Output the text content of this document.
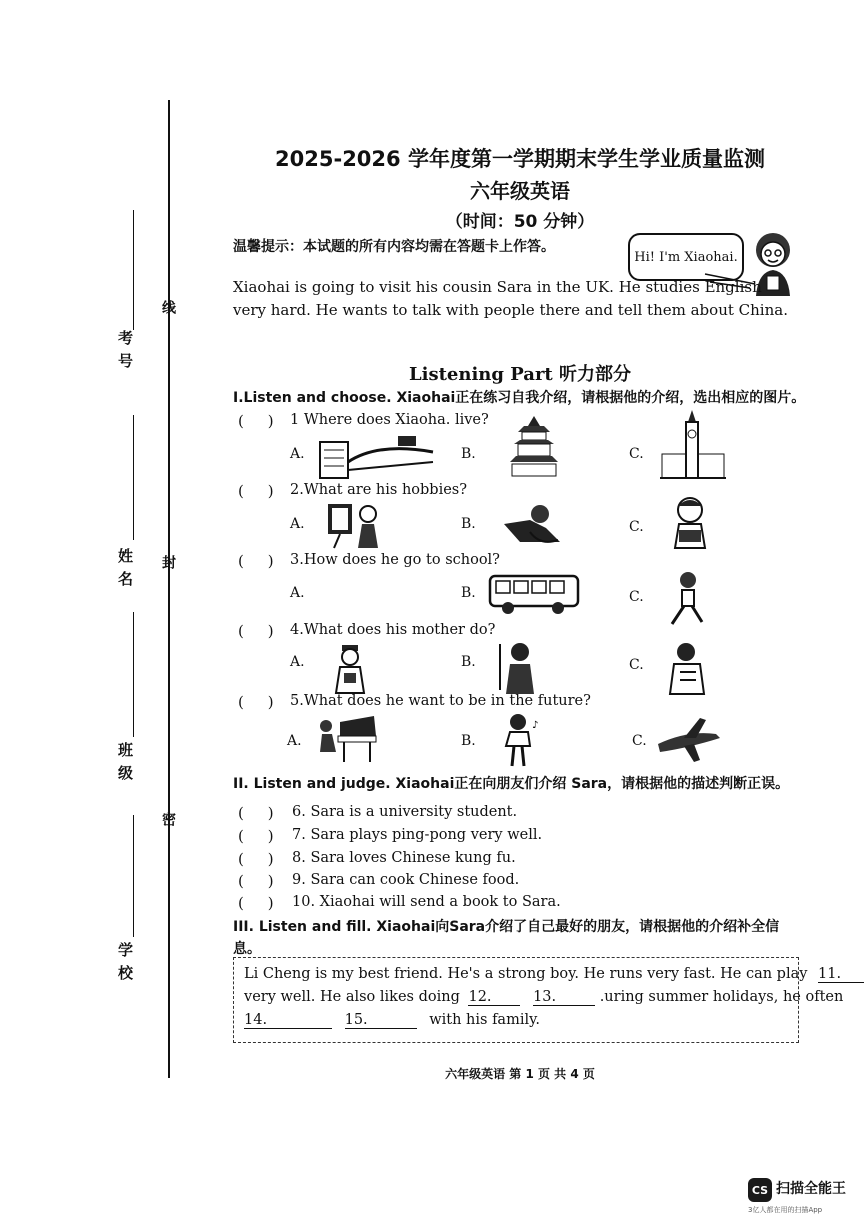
考号
线
姓名 封
班级
密
学校
2025-2026 学年度第一学期期末学生学业质量监测
六年级英语
（时间：50 分钟）
温馨提示：本试题的所有内容均需在答题卡上作答。
Hi! I'm Xiaohai.
Xiaohai is going to visit his cousin Sara in the UK. He studies English
very hard. He wants to talk with people there and tell them about China.
Listening Part 听力部分
I.Listen and choose. Xiaohai正在练习自我介绍，请根据他的介绍，选出相应的图片。
(     ) 1 Where does Xiaoha. live?
A.	B.	C.
(     ) 2.What are his hobbies?
A.	B.	C.
(     ) 3.How does he go to school?
A.	B.	C.
(     ) 4.What does his mother do?
A.	B.	C.
(     ) 5.What does he want to be in the future?
A.	B.	C.
♪
II. Listen and judge. Xiaohai正在向朋友们介绍 Sara，请根据他的描述判断正误。
(     ) 6. Sara is a university student.
(     ) 7. Sara plays ping-pong very well.
(     ) 8. Sara loves Chinese kung fu.
(     ) 9. Sara can cook Chinese food.
(     ) 10. Xiaohai will send a book to Sara.
III. Listen and fill. Xiaohai向Sara介绍了自己最好的朋友，请根据他的介绍补全信
息。
Li Cheng is my best friend. He's a strong boy. He runs very fast. He can play 11.
very well. He also likes doing 12.	13.	.uring summer holidays, he often
14.	15.	with his family.
六年级英语 第 1 页 共 4 页
CS 扫描全能王
3亿人都在用的扫描App
